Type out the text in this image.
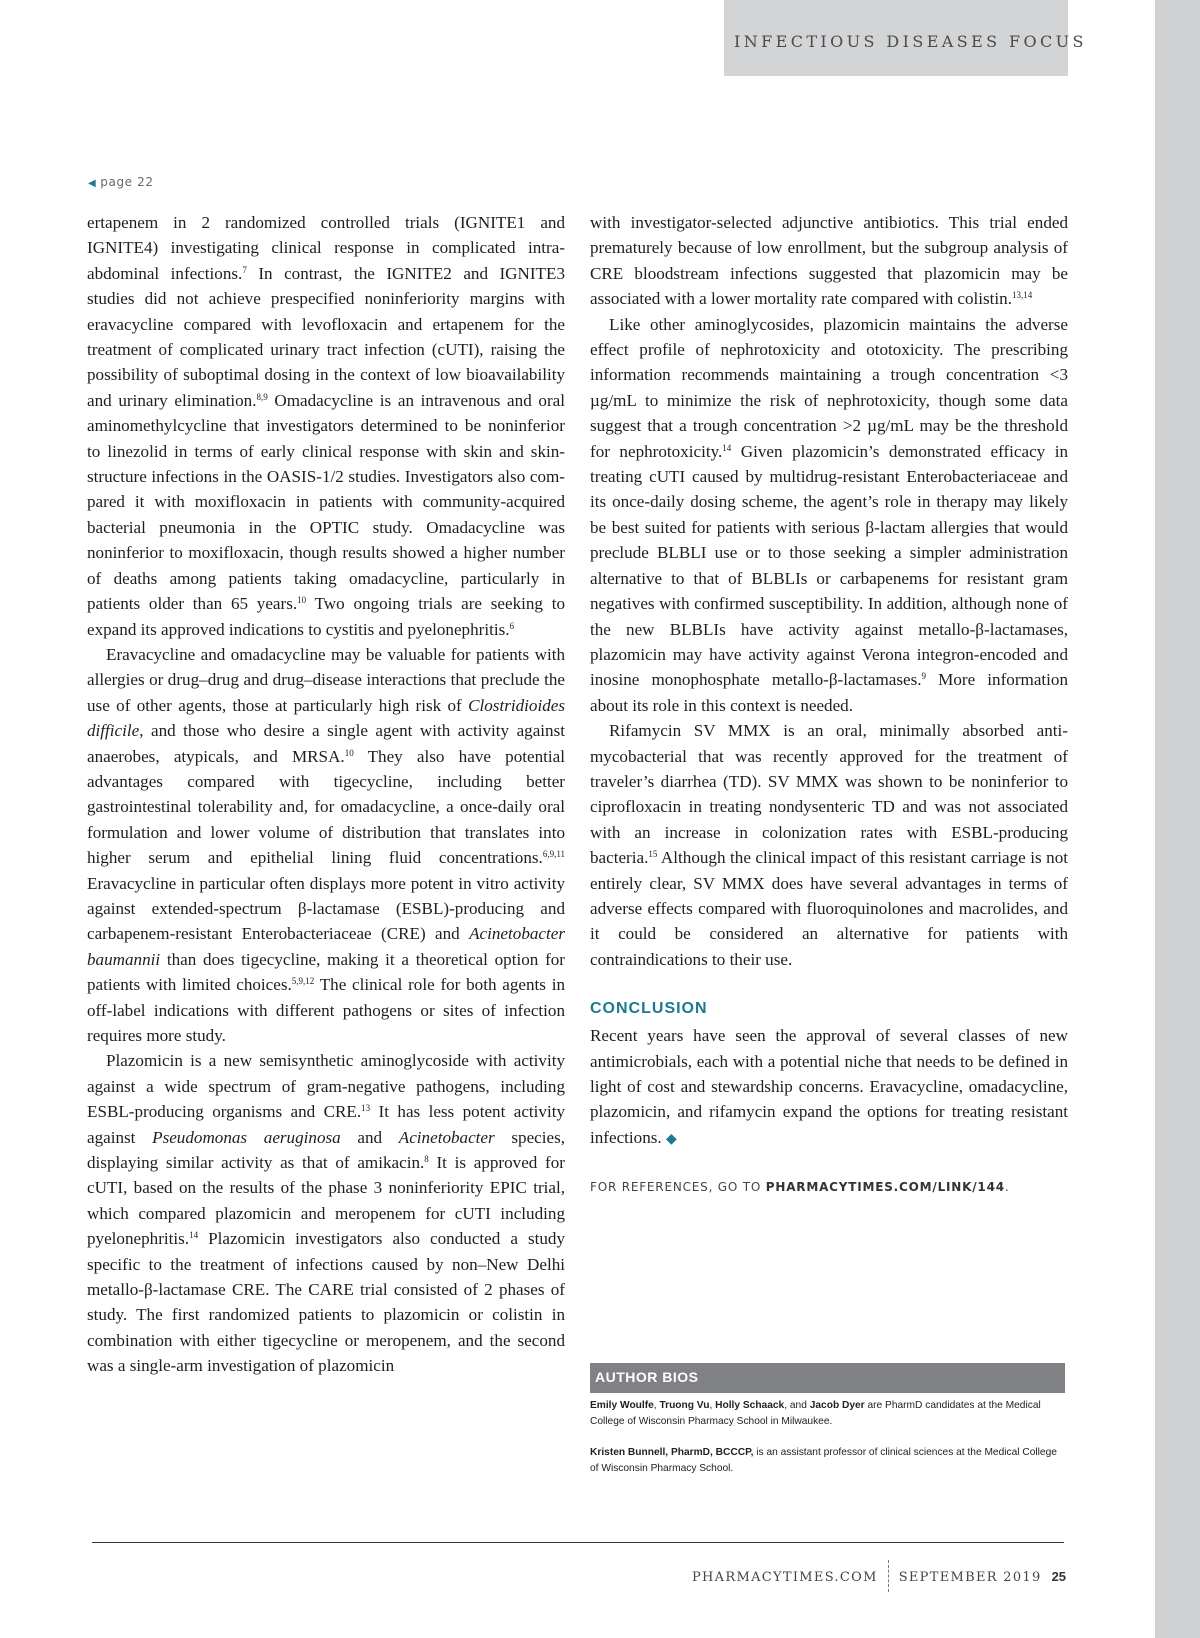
INFECTIOUS DISEASES FOCUS
◀ page 22

ertapenem in 2 randomized controlled trials (IGNITE1 and IGNITE4) investigating clinical response in complicated intra-abdominal infections.$^7$ In contrast, the IGNITE2 and IGNITE3 studies did not achieve prespecified noninferiority margins with eravacycline compared with levofloxacin and ertapenem for the treatment of complicated urinary tract infection (cUTI), raising the possibility of suboptimal dosing in the context of low bioavailability and urinary elimination.$^{8,9}$ Omadacycline is an intravenous and oral aminomethylcycline that investigators determined to be noninferior to linezolid in terms of early clinical response with skin and skin-structure infections in the OASIS-1/2 studies. Investigators also compared it with moxifloxacin in patients with community-acquired bacterial pneumonia in the OPTIC study. Omadacycline was noninferior to moxifloxacin, though results showed a higher number of deaths among patients taking omadacycline, particularly in patients older than 65 years.$^{10}$ Two ongoing trials are seeking to expand its approved indications to cystitis and pyelonephritis.$^6$

Eravacycline and omadacycline may be valuable for patients with allergies or drug–drug and drug–disease interactions that preclude the use of other agents, those at particularly high risk of Clostridioides difficile, and those who desire a single agent with activity against anaerobes, atypicals, and MRSA.$^{10}$ They also have potential advantages compared with tigecycline, including better gastrointestinal tolerability and, for omadacycline, a once-daily oral formulation and lower volume of distribution that translates into higher serum and epithelial lining fluid concentrations.$^{6,9,11}$ Eravacycline in particular often displays more potent in vitro activity against extended-spectrum β-lactamase (ESBL)-producing and carbapenem-resistant Enterobacteriaceae (CRE) and Acinetobacter baumannii than does tigecycline, making it a theoretical option for patients with limited choices.$^{5,9,12}$ The clinical role for both agents in off-label indications with different pathogens or sites of infection requires more study.

Plazomicin is a new semisynthetic aminoglycoside with activity against a wide spectrum of gram-negative pathogens, including ESBL-producing organisms and CRE.$^{13}$ It has less potent activity against Pseudomonas aeruginosa and Acinetobacter species, displaying similar activity as that of amikacin.$^8$ It is approved for cUTI, based on the results of the phase 3 noninferiority EPIC trial, which compared plazomicin and meropenem for cUTI including pyelonephritis.$^{14}$ Plazomicin investigators also conducted a study specific to the treatment of infections caused by non–New Delhi metallo-β-lactamase CRE. The CARE trial consisted of 2 phases of study. The first randomized patients to plazomicin or colistin in combination with either tigecycline or meropenem, and the second was a single-arm investigation of plazomicin

with investigator-selected adjunctive antibiotics. This trial ended prematurely because of low enrollment, but the subgroup analysis of CRE bloodstream infections suggested that plazomicin may be associated with a lower mortality rate compared with colistin.$^{13,14}$

Like other aminoglycosides, plazomicin maintains the adverse effect profile of nephrotoxicity and ototoxicity. The prescribing information recommends maintaining a trough concentration <3 µg/mL to minimize the risk of nephrotoxicity, though some data suggest that a trough concentration >2 µg/mL may be the threshold for nephrotoxicity.$^{14}$ Given plazomicin’s demonstrated efficacy in treating cUTI caused by multidrug-resistant Enterobacteriaceae and its once-daily dosing scheme, the agent’s role in therapy may likely be best suited for patients with serious β-lactam allergies that would preclude BLBLI use or to those seeking a simpler administration alternative to that of BLBLIs or carbapenems for resistant gram negatives with confirmed susceptibility. In addition, although none of the new BLBLIs have activity against metallo-β-lactamases, plazomicin may have activity against Verona integron-encoded and inosine monophosphate metallo-β-lactamases.$^9$ More information about its role in this context is needed.

Rifamycin SV MMX is an oral, minimally absorbed antimycobacterial that was recently approved for the treatment of traveler’s diarrhea (TD). SV MMX was shown to be noninferior to ciprofloxacin in treating nondysenteric TD and was not associated with an increase in colonization rates with ESBL-producing bacteria.$^{15}$ Although the clinical impact of this resistant carriage is not entirely clear, SV MMX does have several advantages in terms of adverse effects compared with fluoroquinolones and macrolides, and it could be considered an alternative for patients with contraindications to their use.

CONCLUSION

Recent years have seen the approval of several classes of new antimicrobials, each with a potential niche that needs to be defined in light of cost and stewardship concerns. Eravacycline, omadacycline, plazomicin, and rifamycin expand the options for treating resistant infections. ◆

FOR REFERENCES, GO TO PHARMACYTIMES.COM/LINK/144.
AUTHOR BIOS
Emily Woulfe, Truong Vu, Holly Schaack, and Jacob Dyer are PharmD candidates at the Medical College of Wisconsin Pharmacy School in Milwaukee.
Kristen Bunnell, PharmD, BCCCP, is an assistant professor of clinical sciences at the Medical College of Wisconsin Pharmacy School.
PHARMACYTIMES.COM SEPTEMBER 2019 25
